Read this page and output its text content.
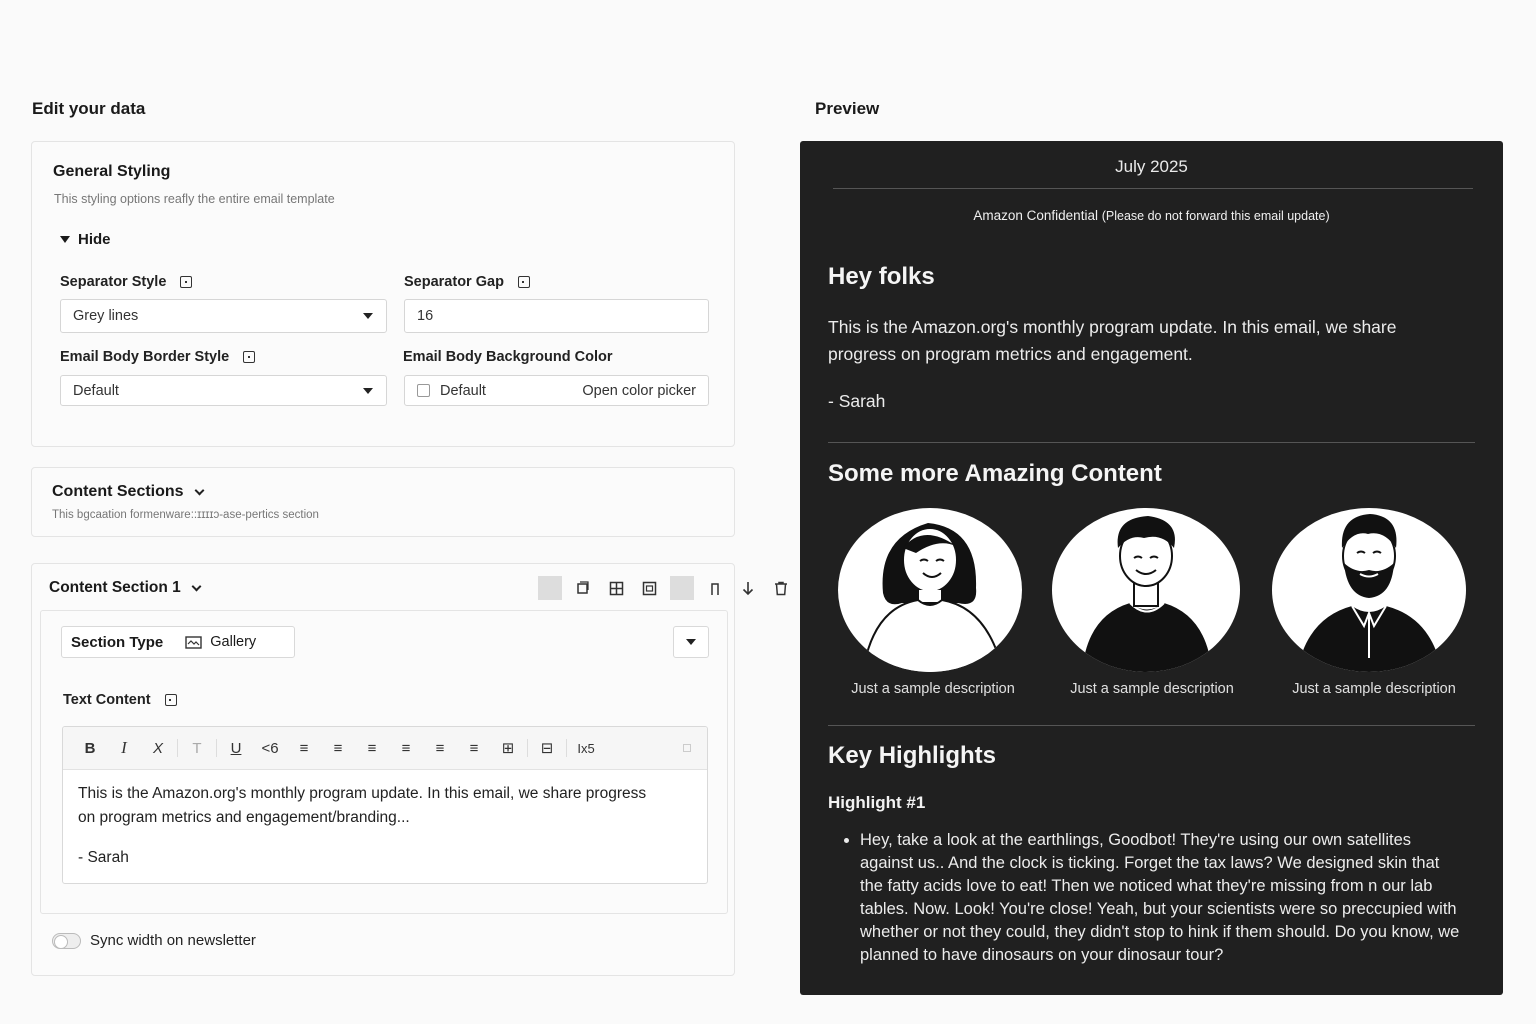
Edit your data
General Styling
This styling options reafly the entire email template
Hide
Separator Style
Grey lines
Separator Gap
16
Email Body Border Style
Default
Email Body Background Color
Default	Open color picker
Content Sections
This bgcaation formenware::ɪɪɪɪɔ-ase-pertics section
Content Section 1
Section Type	Gallery
Text Content
B	I	X	T	U	<6	≡	≡	≡	≡	≡	≡	⊞	⊟	Ix5
This is the Amazon.org's monthly program update. In this email, we share progress
on program metrics and engagement/branding...
- Sarah
Sync width on newsletter
Preview
July 2025
Amazon Confidential (Please do not forward this email update)
Hey folks
This is the Amazon.org's monthly program update. In this email, we share
progress on program metrics and engagement.
- Sarah
Some more Amazing Content
Just a sample description	Just a sample description	Just a sample description
Key Highlights
Highlight #1
• Hey, take a look at the earthlings, Goodbot! They're using our own satellites against us.. And the clock is ticking. Forget the tax laws? We designed skin that the fatty acids love to eat! Then we noticed what they're missing from n our lab tables. Now. Look! You're close! Yeah, but your scientists were so preccupied with whether or not they could, they didn't stop to hink if them should. Do you know, we planned to have dinosaurs on your dinosaur tour?
